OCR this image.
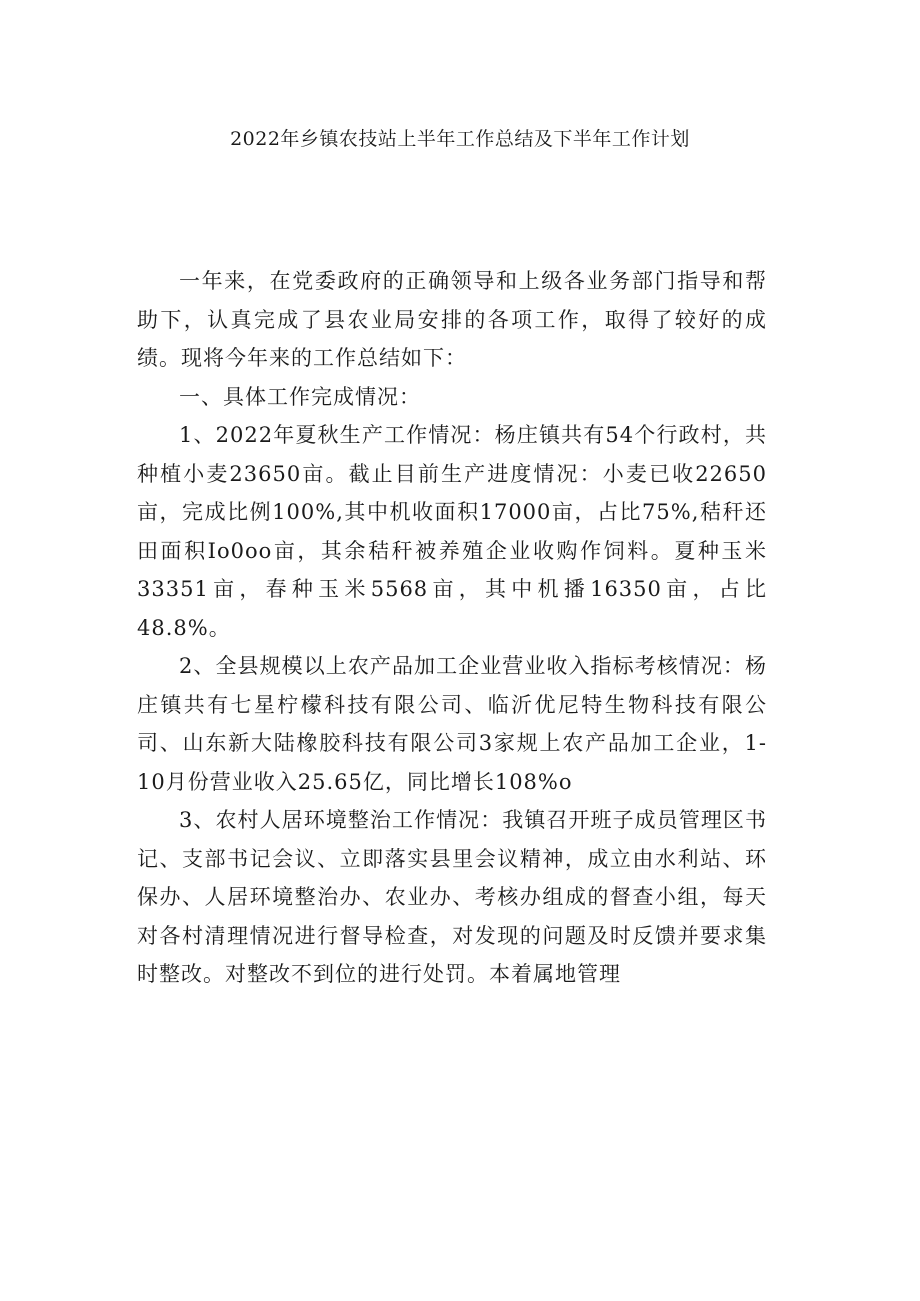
2022年乡镇农技站上半年工作总结及下半年工作计划

一年来，在党委政府的正确领导和上级各业务部门指导和帮助下，认真完成了县农业局安排的各项工作，取得了较好的成绩。现将今年来的工作总结如下：

一、具体工作完成情况：

1、2022年夏秋生产工作情况：杨庄镇共有54个行政村，共种植小麦23650亩。截止目前生产进度情况：小麦已收22650亩，完成比例100%,其中机收面积17000亩，占比75%,秸秆还田面积Io0oo亩，其余秸秆被养殖企业收购作饲料。夏种玉米33351亩，春种玉米5568亩，其中机播16350亩，占比48.8%。

2、全县规模以上农产品加工企业营业收入指标考核情况：杨庄镇共有七星柠檬科技有限公司、临沂优尼特生物科技有限公司、山东新大陆橡胶科技有限公司3家规上农产品加工企业，1-10月份营业收入25.65亿，同比增长108%o

3、农村人居环境整治工作情况：我镇召开班子成员管理区书记、支部书记会议、立即落实县里会议精神，成立由水利站、环保办、人居环境整治办、农业办、考核办组成的督查小组，每天对各村清理情况进行督导检查，对发现的问题及时反馈并要求集时整改。对整改不到位的进行处罚。本着属地管理
